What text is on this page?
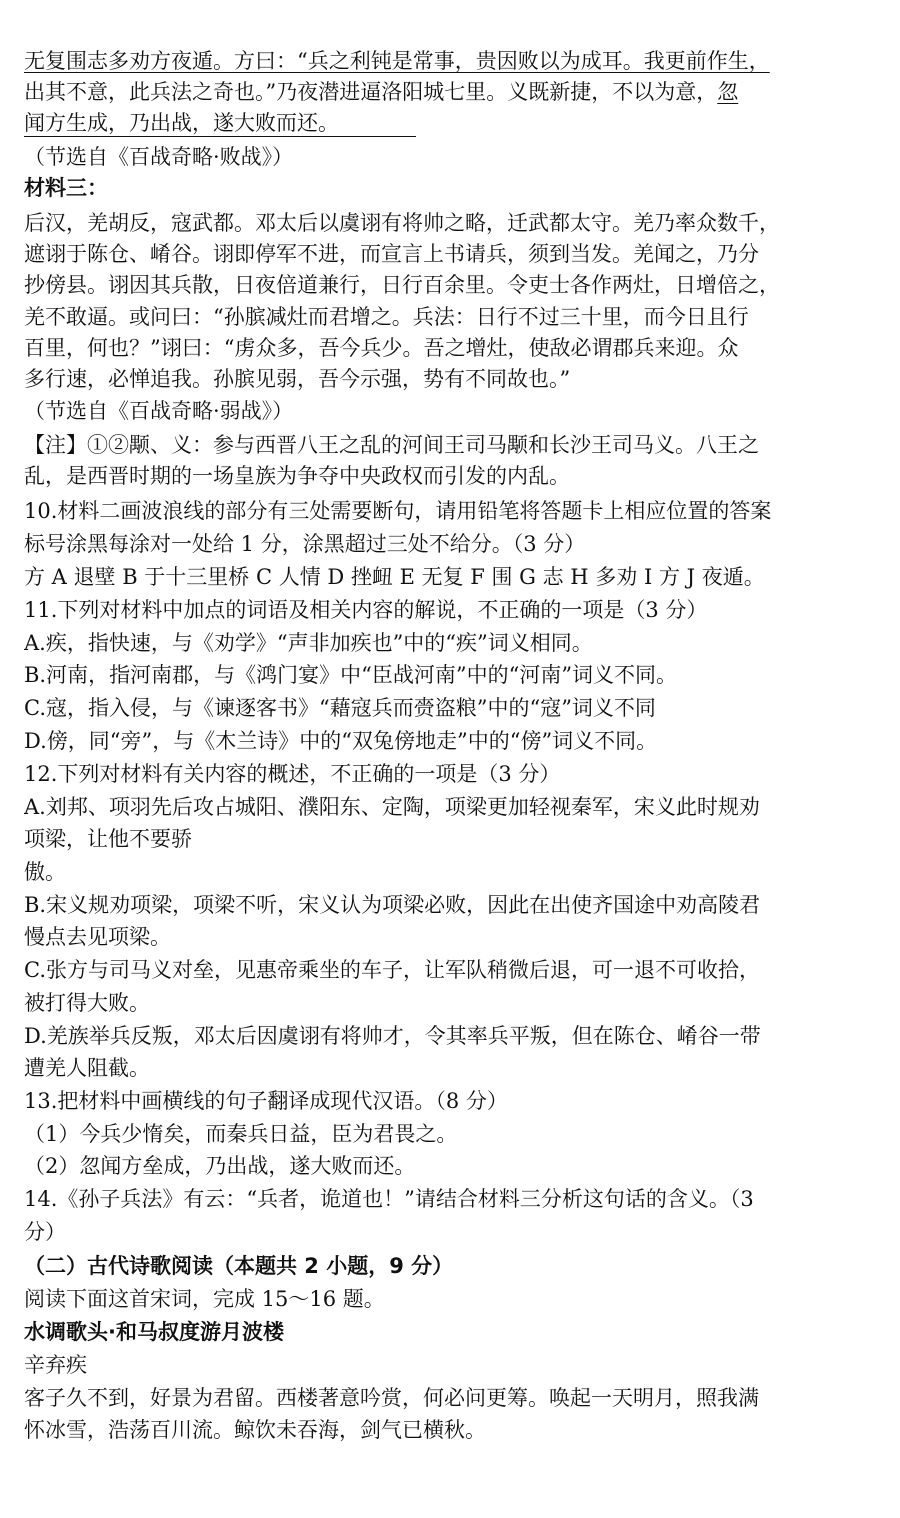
无复围志多劝方夜遁。方曰：“兵之利钝是常事，贵因败以为成耳。我更前作生，
出其不意，此兵法之奇也。”乃夜潜进逼洛阳城七里。义既新捷，不以为意，忽
闻方生成，乃出战，遂大败而还。
（节选自《百战奇略·败战》）
材料三：
后汉，羌胡反，寇武都。邓太后以虞诩有将帅之略，迁武都太守。羌乃率众数千，
遮诩于陈仓、崤谷。诩即停军不进，而宣言上书请兵，须到当发。羌闻之，乃分
抄傍县。诩因其兵散，日夜倍道兼行，日行百余里。令吏士各作两灶，日增倍之，
羌不敢逼。或问曰：“孙膑减灶而君增之。兵法：日行不过三十里，而今日且行
百里，何也？”诩曰：“虏众多，吾今兵少。吾之增灶，使敌必谓郡兵来迎。众
多行速，必惮追我。孙膑见弱，吾今示强，势有不同故也。”
（节选自《百战奇略·弱战》）
【注】①②颙、义：参与西晋八王之乱的河间王司马颙和长沙王司马义。八王之
乱，是西晋时期的一场皇族为争夺中央政权而引发的内乱。
10.材料二画波浪线的部分有三处需要断句，请用铅笔将答题卡上相应位置的答案
标号涂黑每涂对一处给 1 分，涂黑超过三处不给分。（3 分）
方 A 退壁 B 于十三里桥 C 人情 D 挫衄 E 无复 F 围 G 志 H 多劝 I 方 J 夜遁。
11.下列对材料中加点的词语及相关内容的解说，不正确的一项是（3 分）
A.疾，指快速，与《劝学》“声非加疾也”中的“疾”词义相同。
B.河南，指河南郡，与《鸿门宴》中“臣战河南”中的“河南”词义不同。
C.寇，指入侵，与《谏逐客书》“藉寇兵而赍盗粮”中的“寇”词义不同
D.傍，同“旁”，与《木兰诗》中的“双兔傍地走”中的“傍”词义不同。
12.下列对材料有关内容的概述，不正确的一项是（3 分）
A.刘邦、项羽先后攻占城阳、濮阳东、定陶，项梁更加轻视秦军，宋义此时规劝
项梁，让他不要骄
傲。
B.宋义规劝项梁，项梁不听，宋义认为项梁必败，因此在出使齐国途中劝高陵君
慢点去见项梁。
C.张方与司马义对垒，见惠帝乘坐的车子，让军队稍微后退，可一退不可收拾，
被打得大败。
D.羌族举兵反叛，邓太后因虞诩有将帅才，令其率兵平叛，但在陈仓、崤谷一带
遭羌人阻截。
13.把材料中画横线的句子翻译成现代汉语。（8 分）
（1）今兵少惰矣，而秦兵日益，臣为君畏之。
（2）忽闻方垒成，乃出战，遂大败而还。
14.《孙子兵法》有云：“兵者，诡道也！”请结合材料三分析这句话的含义。（3
分）
（二）古代诗歌阅读（本题共 2 小题，9 分）
阅读下面这首宋词，完成 15～16 题。
水调歌头·和马叔度游月波楼
辛弃疾
客子久不到，好景为君留。西楼著意吟赏，何必问更筹。唤起一天明月，照我满
怀冰雪，浩荡百川流。鲸饮未吞海，剑气已横秋。
